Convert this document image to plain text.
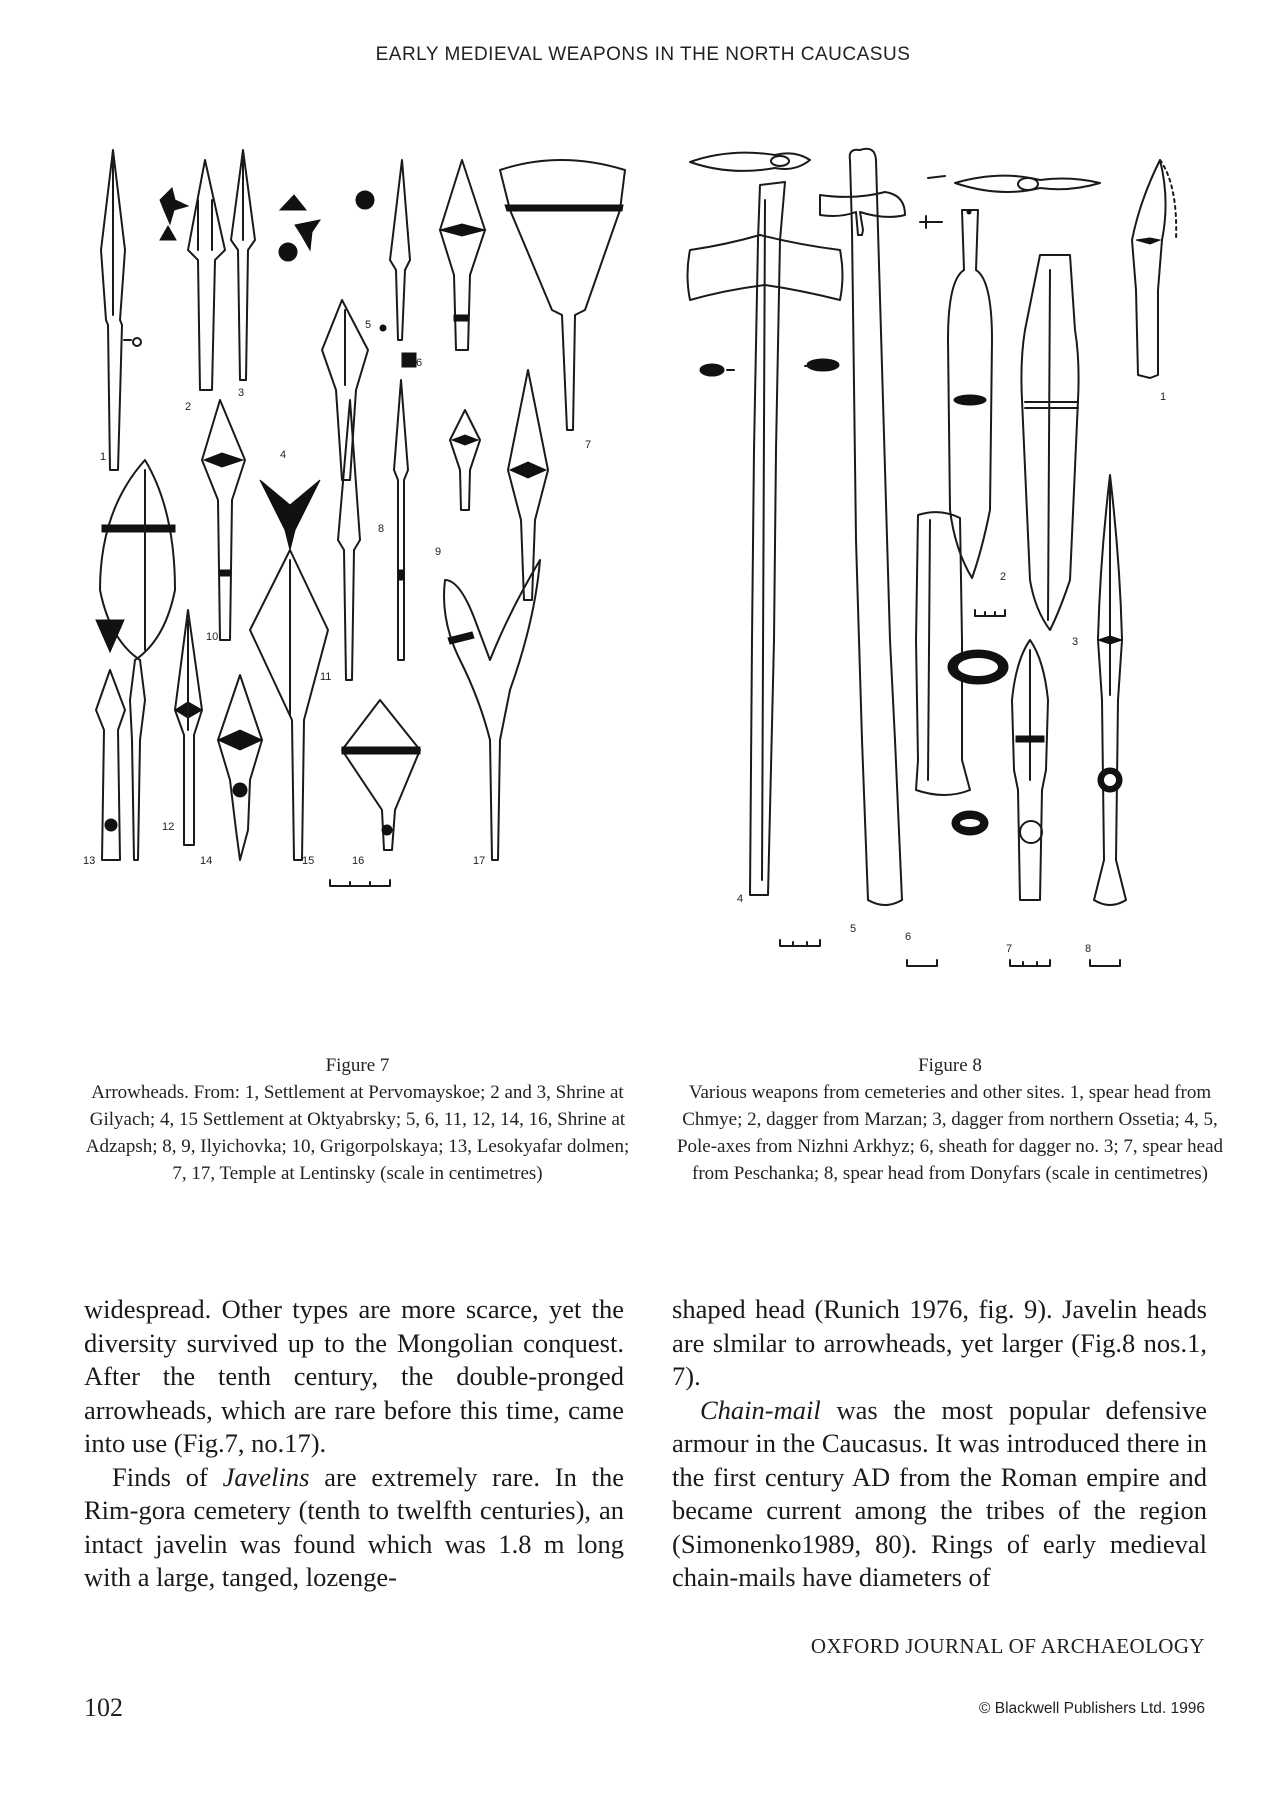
EARLY MEDIEVAL WEAPONS IN THE NORTH CAUCASUS
1
2
3
4
5
6
7
8
9
10
11
12
13	14	15	16	17
1
2
3
4
5
6
7	8
Figure 7
Arrowheads. From: 1, Settlement at Pervomayskoe; 2 and 3, Shrine at Gilyach; 4, 15 Settlement at Oktyabrsky; 5, 6, 11, 12, 14, 16, Shrine at Adzapsh; 8, 9, Ilyichovka; 10, Grigorpolskaya; 13, Lesokyafar dolmen; 7, 17, Temple at Lentinsky (scale in centimetres)
Figure 8
Various weapons from cemeteries and other sites. 1, spear head from Chmye; 2, dagger from Marzan; 3, dagger from northern Ossetia; 4, 5, Pole-axes from Nizhni Arkhyz; 6, sheath for dagger no. 3; 7, spear head from Peschanka; 8, spear head from Donyfars (scale in centimetres)

widespread. Other types are more scarce, yet the diversity survived up to the Mongolian conquest. After the tenth century, the double-pronged arrowheads, which are rare before this time, came into use (Fig.7, no.17).

Finds of Javelins are extremely rare. In the Rim-gora cemetery (tenth to twelfth centuries), an intact javelin was found which was 1.8 m long with a large, tanged, lozenge-

shaped head (Runich 1976, fig. 9). Javelin heads are slmilar to arrowheads, yet larger (Fig.8 nos.1, 7).

Chain-mail was the most popular defensive armour in the Caucasus. It was introduced there in the first century AD from the Roman empire and became current among the tribes of the region (Simonenko1989, 80). Rings of early medieval chain-mails have diameters of

OXFORD JOURNAL OF ARCHAEOLOGY
102	© Blackwell Publishers Ltd. 1996
